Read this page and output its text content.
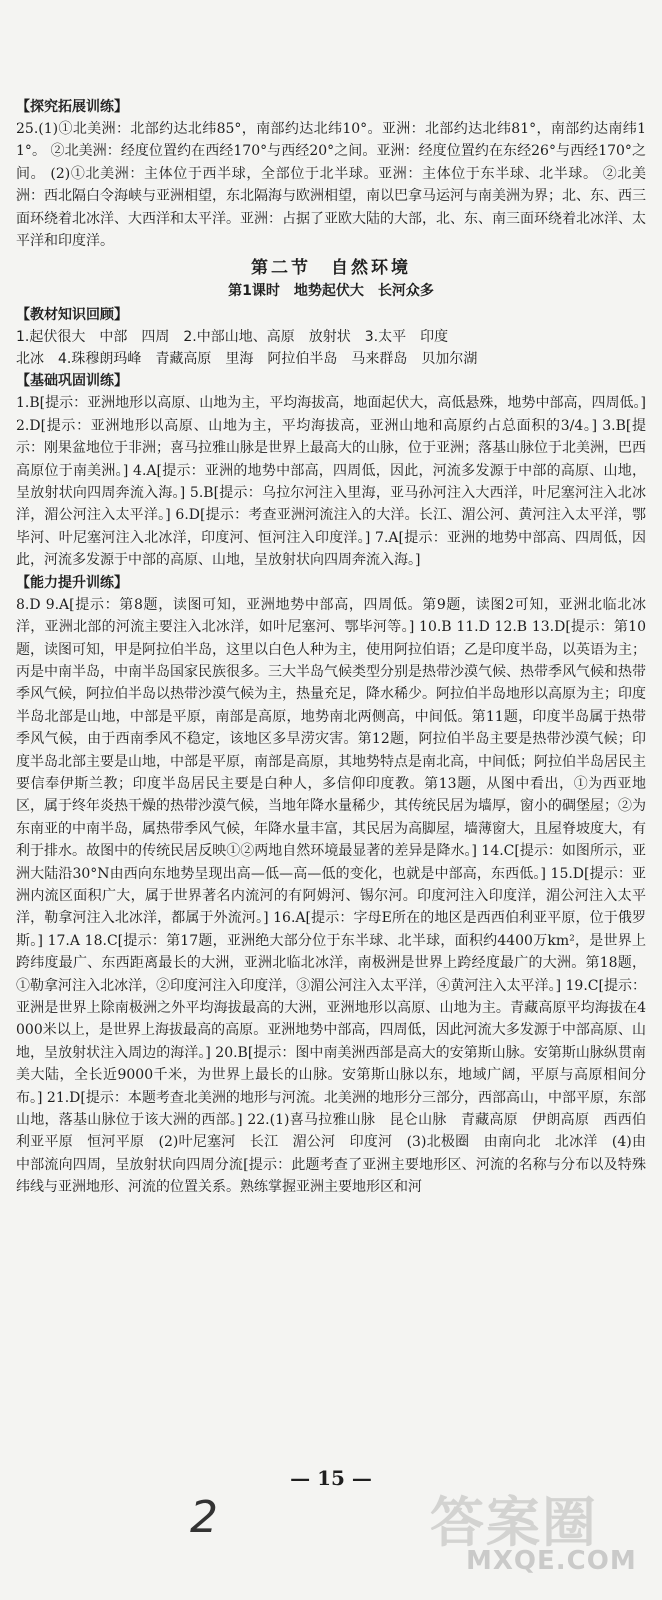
【探究拓展训练】

25.(1)①北美洲：北部约达北纬85°，南部约达北纬10°。亚洲：北部约达北纬81°，南部约达南纬11°。 ②北美洲：经度位置约在西经170°与西经20°之间。亚洲：经度位置约在东经26°与西经170°之间。 (2)①北美洲：主体位于西半球，全部位于北半球。亚洲：主体位于东半球、北半球。 ②北美洲：西北隔白令海峡与亚洲相望，东北隔海与欧洲相望，南以巴拿马运河与南美洲为界；北、东、西三面环绕着北冰洋、大西洋和太平洋。亚洲：占据了亚欧大陆的大部，北、东、南三面环绕着北冰洋、太平洋和印度洋。

第二节　自然环境
第1课时　地势起伏大　长河众多
【教材知识回顾】
1.起伏很大　中部　四周　2.中部山地、高原　放射状　3.太平　印度
北冰　4.珠穆朗玛峰　青藏高原　里海　阿拉伯半岛　马来群岛　贝加尔湖
【基础巩固训练】

1.B[提示：亚洲地形以高原、山地为主，平均海拔高，地面起伏大，高低悬殊，地势中部高，四周低。] 2.D[提示：亚洲地形以高原、山地为主，平均海拔高，亚洲山地和高原约占总面积的3/4。] 3.B[提示：刚果盆地位于非洲；喜马拉雅山脉是世界上最高大的山脉，位于亚洲；落基山脉位于北美洲，巴西高原位于南美洲。] 4.A[提示：亚洲的地势中部高，四周低，因此，河流多发源于中部的高原、山地，呈放射状向四周奔流入海。] 5.B[提示：乌拉尔河注入里海，亚马孙河注入大西洋，叶尼塞河注入北冰洋，湄公河注入太平洋。] 6.D[提示：考查亚洲河流注入的大洋。长江、湄公河、黄河注入太平洋，鄂毕河、叶尼塞河注入北冰洋，印度河、恒河注入印度洋。] 7.A[提示：亚洲的地势中部高、四周低，因此，河流多发源于中部的高原、山地，呈放射状向四周奔流入海。]

【能力提升训练】

8.D 9.A[提示：第8题，读图可知，亚洲地势中部高，四周低。第9题，读图2可知，亚洲北临北冰洋，亚洲北部的河流主要注入北冰洋，如叶尼塞河、鄂毕河等。] 10.B 11.D 12.B 13.D[提示：第10题，读图可知，甲是阿拉伯半岛，这里以白色人种为主，使用阿拉伯语；乙是印度半岛，以英语为主；丙是中南半岛，中南半岛国家民族很多。三大半岛气候类型分别是热带沙漠气候、热带季风气候和热带季风气候，阿拉伯半岛以热带沙漠气候为主，热量充足，降水稀少。阿拉伯半岛地形以高原为主；印度半岛北部是山地，中部是平原，南部是高原，地势南北两侧高，中间低。第11题，印度半岛属于热带季风气候，由于西南季风不稳定，该地区多旱涝灾害。第12题，阿拉伯半岛主要是热带沙漠气候；印度半岛北部主要是山地，中部是平原，南部是高原，其地势特点是南北高，中间低；阿拉伯半岛居民主要信奉伊斯兰教；印度半岛居民主要是白种人，多信仰印度教。第13题，从图中看出，①为西亚地区，属于终年炎热干燥的热带沙漠气候，当地年降水量稀少，其传统民居为墙厚，窗小的碉堡屋；②为东南亚的中南半岛，属热带季风气候，年降水量丰富，其民居为高脚屋，墙薄窗大，且屋脊坡度大，有利于排水。故图中的传统民居反映①②两地自然环境最显著的差异是降水。] 14.C[提示：如图所示，亚洲大陆沿30°N由西向东地势呈现出高—低—高—低的变化，也就是中部高，东西低。] 15.D[提示：亚洲内流区面积广大，属于世界著名内流河的有阿姆河、锡尔河。印度河注入印度洋，湄公河注入太平洋，勒拿河注入北冰洋，都属于外流河。] 16.A[提示：字母E所在的地区是西西伯利亚平原，位于俄罗斯。] 17.A 18.C[提示：第17题，亚洲绝大部分位于东半球、北半球，面积约4400万km²，是世界上跨纬度最广、东西距离最长的大洲，亚洲北临北冰洋，南极洲是世界上跨经度最广的大洲。第18题，①勒拿河注入北冰洋，②印度河注入印度洋，③湄公河注入太平洋，④黄河注入太平洋。] 19.C[提示：亚洲是世界上除南极洲之外平均海拔最高的大洲，亚洲地形以高原、山地为主。青藏高原平均海拔在4000米以上，是世界上海拔最高的高原。亚洲地势中部高，四周低，因此河流大多发源于中部高原、山地，呈放射状注入周边的海洋。] 20.B[提示：图中南美洲西部是高大的安第斯山脉。安第斯山脉纵贯南美大陆，全长近9000千米，为世界上最长的山脉。安第斯山脉以东，地域广阔，平原与高原相间分布。] 21.D[提示：本题考查北美洲的地形与河流。北美洲的地形分三部分，西部高山，中部平原，东部山地，落基山脉位于该大洲的西部。] 22.(1)喜马拉雅山脉　昆仑山脉　青藏高原　伊朗高原　西西伯利亚平原　恒河平原　(2)叶尼塞河　长江　湄公河　印度河　(3)北极圈　由南向北　北冰洋　(4)由中部流向四周，呈放射状向四周分流[提示：此题考查了亚洲主要地形区、河流的名称与分布以及特殊纬线与亚洲地形、河流的位置关系。熟练掌握亚洲主要地形区和河

— 15 —
2	答案圈
MXQE.COM
